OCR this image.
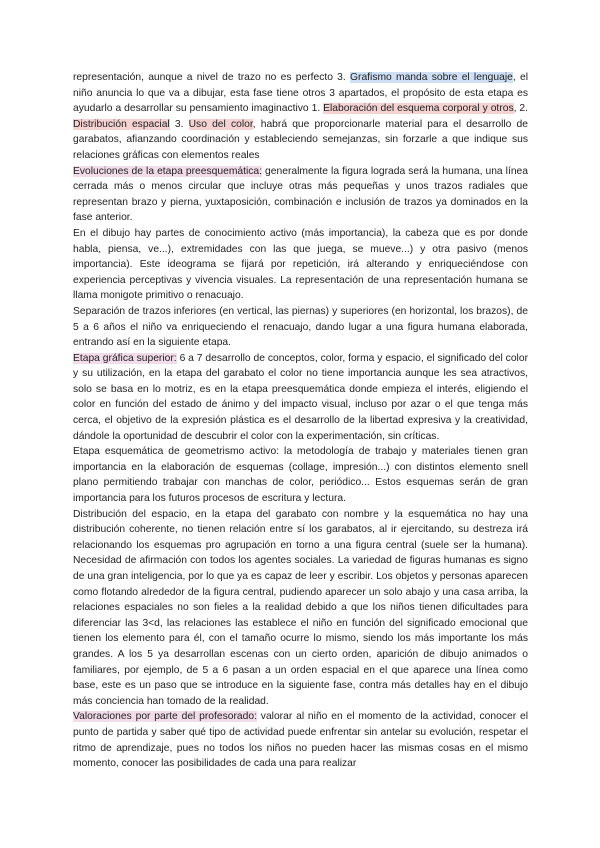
representación, aunque a nivel de trazo no es perfecto 3. Grafismo manda sobre el lenguaje, el niño anuncia lo que va a dibujar, esta fase tiene otros 3 apartados, el propósito de esta etapa es ayudarlo a desarrollar su pensamiento imaginactivo 1. Elaboración del esquema corporal y otros, 2. Distribución espacial 3. Uso del color, habrá que proporcionarle material para el desarrollo de garabatos, afianzando coordinación y estableciendo semejanzas, sin forzarle a que indique sus relaciones gráficas con elementos reales

Evoluciones de la etapa preesquemática: generalmente la figura lograda será la humana, una línea cerrada más o menos circular que incluye otras más pequeñas y unos trazos radiales que representan brazo y pierna, yuxtaposición, combinación e inclusión de trazos ya dominados en la fase anterior.

En el dibujo hay partes de conocimiento activo (más importancia), la cabeza que es por donde habla, piensa, ve...), extremidades con las que juega, se mueve...) y otra pasivo (menos importancia). Este ideograma se fijará por repetición, irá alterando y enriqueciéndose con experiencia perceptivas y vivencia visuales. La representación de una representación humana se llama monigote primitivo o renacuajo.

Separación de trazos inferiores (en vertical, las piernas) y superiores (en horizontal, los brazos), de 5 a 6 años el niño va enriqueciendo el renacuajo, dando lugar a una figura humana elaborada, entrando así en la siguiente etapa.

Etapa gráfica superior: 6 a 7 desarrollo de conceptos, color, forma y espacio, el significado del color y su utilización, en la etapa del garabato el color no tiene importancia aunque les sea atractivos, solo se basa en lo motriz, es en la etapa preesquemática donde empieza el interés, eligiendo el color en función del estado de ánimo y del impacto visual, incluso por azar o el que tenga más cerca, el objetivo de la expresión plástica es el desarrollo de la libertad expresiva y la creatividad, dándole la oportunidad de descubrir el color con la experimentación, sin críticas.

Etapa esquemática de geometrismo activo: la metodología de trabajo y materiales tienen gran importancia en la elaboración de esquemas (collage, impresión...) con distintos elemento snell plano permitiendo trabajar con manchas de color, periódico... Estos esquemas serán de gran importancia para los futuros procesos de escritura y lectura.

Distribución del espacio, en la etapa del garabato con nombre y la esquemática no hay una distribución coherente, no tienen relación entre sí los garabatos, al ir ejercitando, su destreza irá relacionando los esquemas pro agrupación en torno a una figura central (suele ser la humana). Necesidad de afirmación con todos los agentes sociales. La variedad de figuras humanas es signo de una gran inteligencia, por lo que ya es capaz de leer y escribir. Los objetos y personas aparecen como flotando alrededor de la figura central, pudiendo aparecer un solo abajo y una casa arriba, la relaciones espaciales no son fieles a la realidad debido a que los niños tienen dificultades para diferenciar las 3<d, las relaciones las establece el niño en función del significado emocional que tienen los elemento para él, con el tamaño ocurre lo mismo, siendo los más importante los más grandes. A los 5 ya desarrollan escenas con un cierto orden, aparición de dibujo animados o familiares, por ejemplo, de 5 a 6 pasan a un orden espacial en el que aparece una línea como base, este es un paso que se introduce en la siguiente fase, contra más detalles hay en el dibujo más conciencia han tomado de la realidad.

Valoraciones por parte del profesorado: valorar al niño en el momento de la actividad, conocer el punto de partida y saber qué tipo de actividad puede enfrentar sin antelar su evolución, respetar el ritmo de aprendizaje, pues no todos los niños no pueden hacer las mismas cosas en el mismo momento, conocer las posibilidades de cada una para realizar
